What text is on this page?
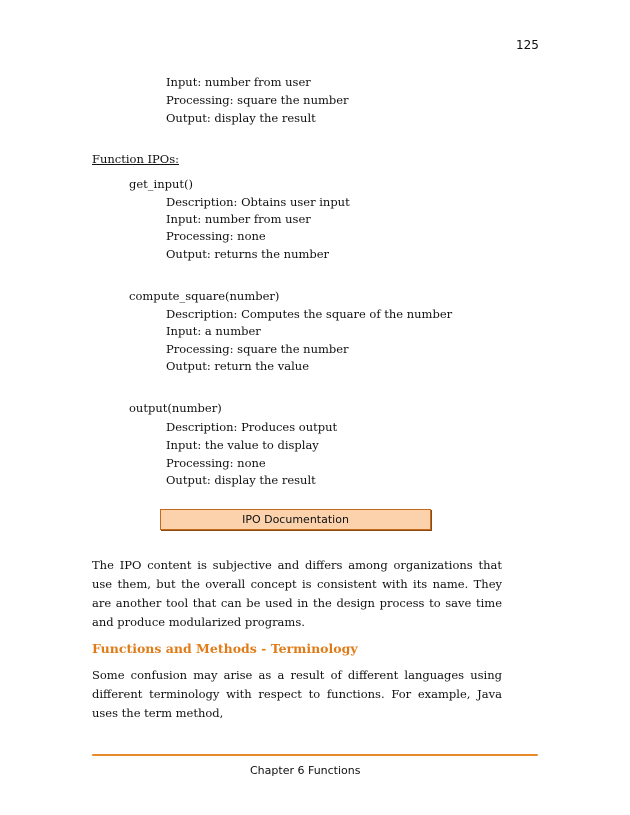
125
Input: number from user
Processing: square the number
Output: display the result
Function IPOs:
get_input()
Description: Obtains user input
Input: number from user
Processing: none
Output: returns the number
compute_square(number)
Description: Computes the square of the number
Input: a number
Processing: square the number
Output: return the value
output(number)
Description: Produces output
Input: the value to display
Processing: none
Output: display the result
IPO Documentation
The IPO content is subjective and differs among organizations that use them, but the overall concept is consistent with its name. They are another tool that can be used in the design process to save time and produce modularized programs.
Functions and Methods - Terminology
Some confusion may arise as a result of different languages using different terminology with respect to functions. For example, Java uses the term method,
Chapter 6 Functions
